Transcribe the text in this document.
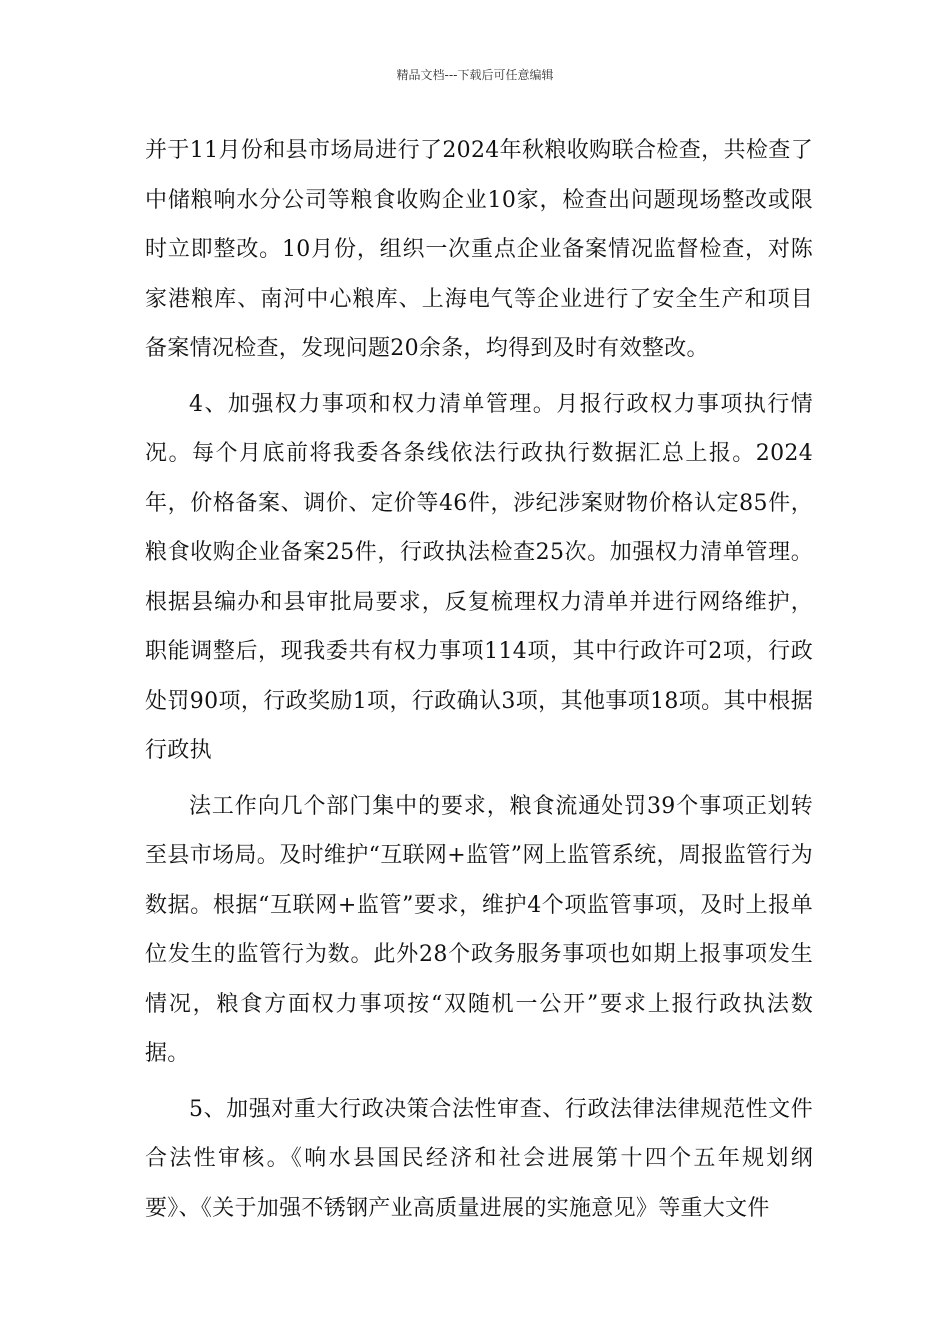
精品文档---下载后可任意编辑

并于11月份和县市场局进行了2024年秋粮收购联合检查，共检查了中储粮响水分公司等粮食收购企业10家，检查出问题现场整改或限时立即整改。10月份，组织一次重点企业备案情况监督检查，对陈家港粮库、南河中心粮库、上海电气等企业进行了安全生产和项目备案情况检查，发现问题20余条，均得到及时有效整改。

4、加强权力事项和权力清单管理。月报行政权力事项执行情况。每个月底前将我委各条线依法行政执行数据汇总上报。2024年，价格备案、调价、定价等46件，涉纪涉案财物价格认定85件，粮食收购企业备案25件，行政执法检查25次。加强权力清单管理。根据县编办和县审批局要求，反复梳理权力清单并进行网络维护，职能调整后，现我委共有权力事项114项，其中行政许可2项，行政处罚90项，行政奖励1项，行政确认3项，其他事项18项。其中根据行政执

法工作向几个部门集中的要求，粮食流通处罚39个事项正划转至县市场局。及时维护“互联网+监管”网上监管系统，周报监管行为数据。根据“互联网+监管”要求，维护4个项监管事项，及时上报单位发生的监管行为数。此外28个政务服务事项也如期上报事项发生情况，粮食方面权力事项按“双随机一公开”要求上报行政执法数据。

5、加强对重大行政决策合法性审查、行政法律法律规范性文件合法性审核。《响水县国民经济和社会进展第十四个五年规划纲要》、《关于加强不锈钢产业高质量进展的实施意见》等重大文件
